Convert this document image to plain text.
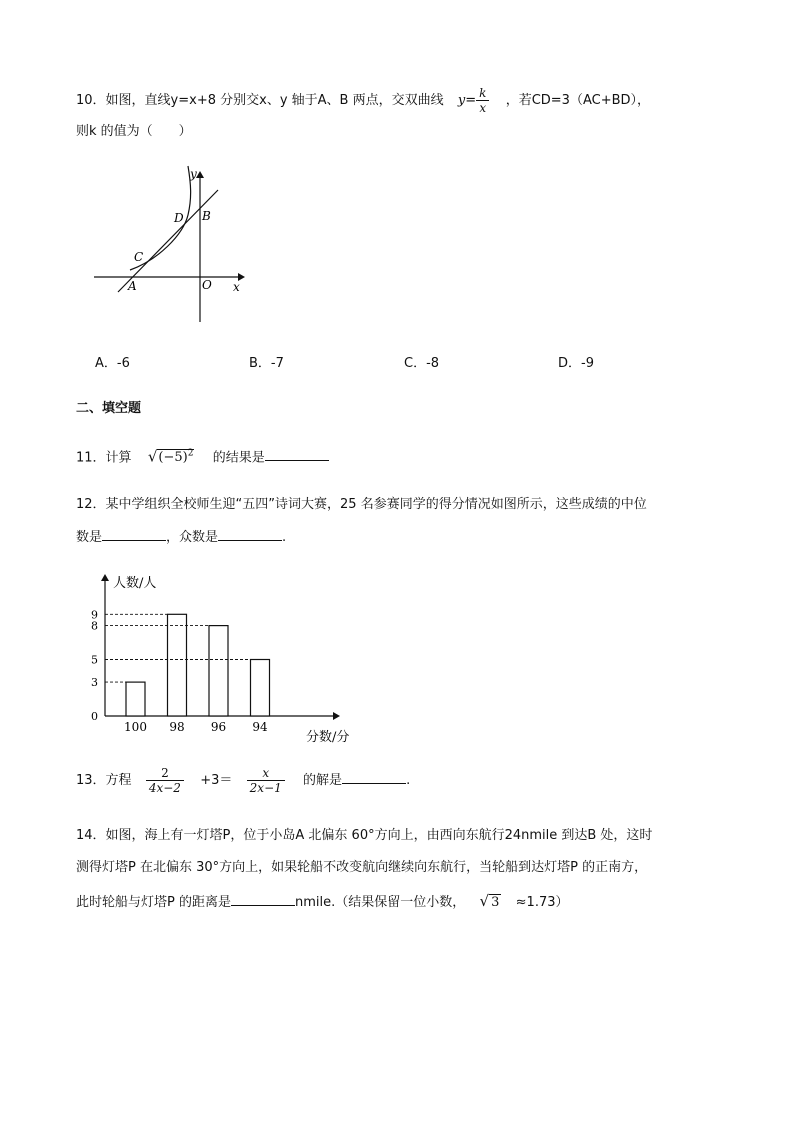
10．如图，直线y=x+8 分别交x、y 轴于A、B 两点，交双曲线 $y= \frac{k}{x}$ ，若CD=3（AC+BD），
则k 的值为（　　）
y
x
O
A
B
C
D
A．-6	B．-7	C．-8	D．-9
二、填空题
11．计算 $√(-5)^2$ 的结果是
12．某中学组织全校师生迎“五四”诗词大赛，25 名参赛同学的得分情况如图所示，这些成绩的中位
数是	，众数是	.
人数/人
分数/分
0
3
5
8
9
100 98 96 94
13．方程 $\frac{2}{4x-2} +3= \frac{x}{2x-1}$ 的解是	.
14．如图，海上有一灯塔P，位于小岛A 北偏东 60°方向上，由西向东航行24nmile 到达B 处，这时
测得灯塔P 在北偏东 30°方向上，如果轮船不改变航向继续向东航行，当轮船到达灯塔P 的正南方，
此时轮船与灯塔P 的距离是	nmile.（结果保留一位小数， √ 3 ≈1.73）
